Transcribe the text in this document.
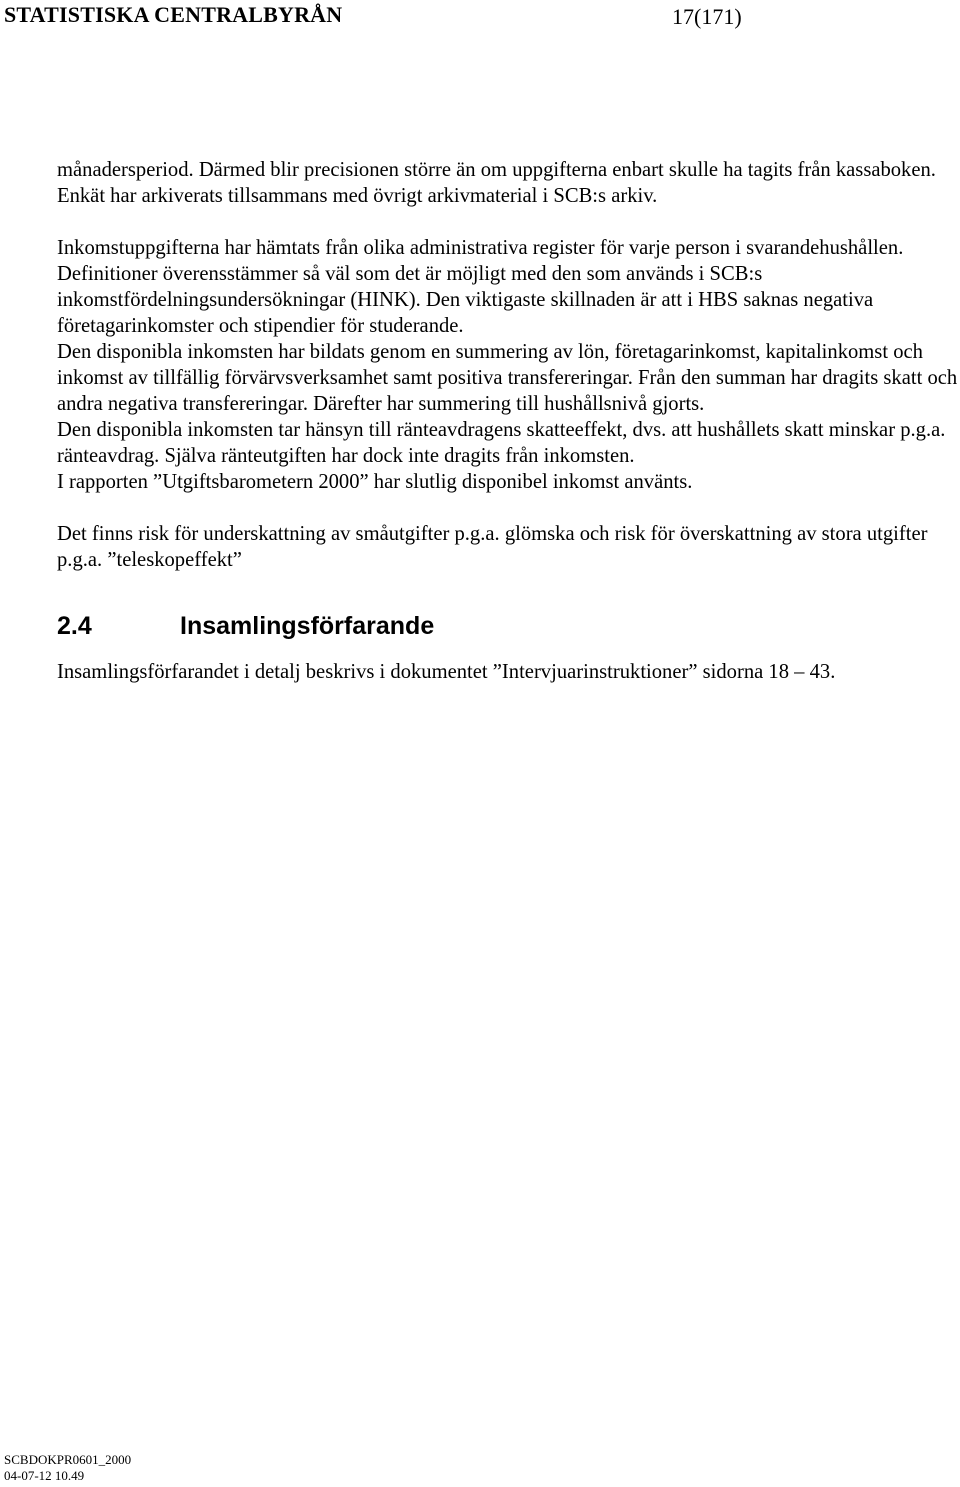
STATISTISKA CENTRALBYRÅN	17(171)

månadersperiod. Därmed blir precisionen större än om uppgifterna enbart skulle ha tagits från kassaboken.

Enkät har arkiverats tillsammans med övrigt arkivmaterial i SCB:s arkiv.

Inkomstuppgifterna har hämtats från olika administrativa register för varje person i svarandehushållen. Definitioner överensstämmer så väl som det är möjligt med den som används i SCB:s inkomstfördelningsundersökningar (HINK). Den viktigaste skillnaden är att i HBS saknas negativa företagarinkomster och stipendier för studerande.

Den disponibla inkomsten har bildats genom en summering av lön, företagarinkomst, kapitalinkomst och inkomst av tillfällig förvärvsverksamhet samt positiva transfereringar. Från den summan har dragits skatt och andra negativa transfereringar. Därefter har summering till hushållsnivå gjorts.

Den disponibla inkomsten tar hänsyn till ränteavdragens skatteeffekt, dvs. att hushållets skatt minskar p.g.a. ränteavdrag. Själva ränteutgiften har dock inte dragits från inkomsten.

I rapporten ”Utgiftsbarometern 2000” har slutlig disponibel inkomst använts.

Det finns risk för underskattning av småutgifter p.g.a. glömska och risk för överskattning av stora utgifter p.g.a. ”teleskopeffekt”

2.4	Insamlingsförfarande

Insamlingsförfarandet i detalj beskrivs i dokumentet ”Intervjuarinstruktioner” sidorna 18 – 43.

SCBDOKPR0601_2000
04-07-12 10.49
